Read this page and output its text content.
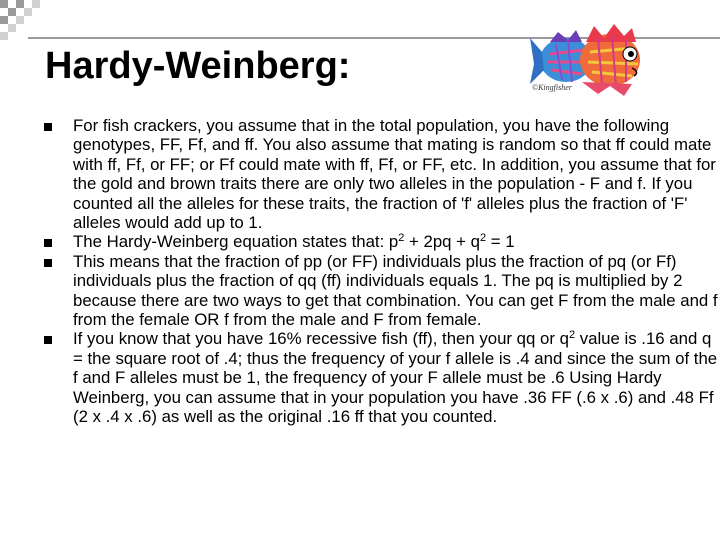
Hardy-Weinberg:
©Kingfisher
For fish crackers, you assume that in the total population, you have the following genotypes, FF, Ff, and ff. You also assume that mating is random so that ff could mate with ff, Ff, or FF; or Ff could mate with ff, Ff, or FF, etc. In addition, you assume that for the gold and brown traits there are only two alleles in the population - F and f. If you counted all the alleles for these traits, the fraction of 'f' alleles plus the fraction of 'F' alleles would add up to 1.
The Hardy-Weinberg equation states that: $p^2 + 2pq + q^2 = 1$
This means that the fraction of pp (or FF) individuals plus the fraction of pq (or Ff) individuals plus the fraction of qq (ff) individuals equals 1. The pq is multiplied by 2 because there are two ways to get that combination. You can get F from the male and f from the female OR f from the male and F from female.
If you know that you have 16% recessive fish (ff), then your qq or $q^2$ value is .16 and q = the square root of .4; thus the frequency of your f allele is .4 and since the sum of the f and F alleles must be 1, the frequency of your F allele must be .6 Using Hardy Weinberg, you can assume that in your population you have .36 FF (.6 x .6) and .48 Ff (2 x .4 x .6) as well as the original .16 ff that you counted.
